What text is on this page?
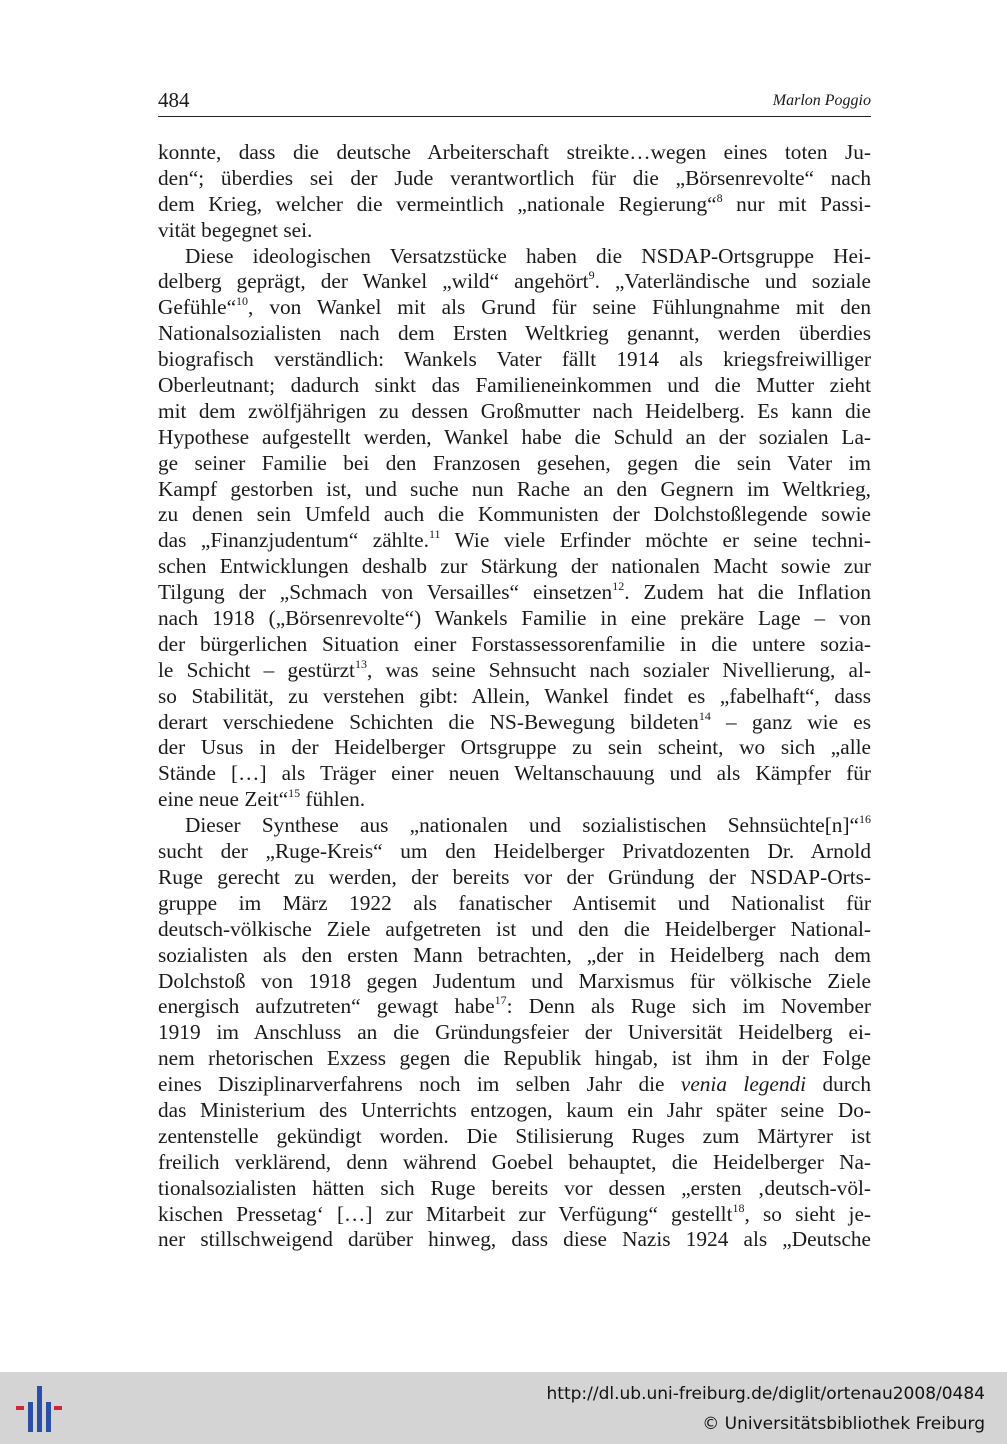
484	Marlon Poggio
konnte, dass die deutsche Arbeiterschaft streikte…wegen eines toten Ju-
den“; überdies sei der Jude verantwortlich für die „Börsenrevolte“ nach
dem Krieg, welcher die vermeintlich „nationale Regierung“$^8$ nur mit Passi-
vität begegnet sei.
Diese ideologischen Versatzstücke haben die NSDAP-Ortsgruppe Hei-
delberg geprägt, der Wankel „wild“ angehört$^9$. „Vaterländische und soziale
Gefühle“$^{10}$, von Wankel mit als Grund für seine Fühlungnahme mit den
Nationalsozialisten nach dem Ersten Weltkrieg genannt, werden überdies
biografisch verständlich: Wankels Vater fällt 1914 als kriegsfreiwilliger
Oberleutnant; dadurch sinkt das Familieneinkommen und die Mutter zieht
mit dem zwölfjährigen zu dessen Großmutter nach Heidelberg. Es kann die
Hypothese aufgestellt werden, Wankel habe die Schuld an der sozialen La-
ge seiner Familie bei den Franzosen gesehen, gegen die sein Vater im
Kampf gestorben ist, und suche nun Rache an den Gegnern im Weltkrieg,
zu denen sein Umfeld auch die Kommunisten der Dolchstoßlegende sowie
das „Finanzjudentum“ zählte.$^{11}$ Wie viele Erfinder möchte er seine techni-
schen Entwicklungen deshalb zur Stärkung der nationalen Macht sowie zur
Tilgung der „Schmach von Versailles“ einsetzen$^{12}$. Zudem hat die Inflation
nach 1918 („Börsenrevolte“) Wankels Familie in eine prekäre Lage – von
der bürgerlichen Situation einer Forstassessorenfamilie in die untere sozia-
le Schicht – gestürzt$^{13}$, was seine Sehnsucht nach sozialer Nivellierung, al-
so Stabilität, zu verstehen gibt: Allein, Wankel findet es „fabelhaft“, dass
derart verschiedene Schichten die NS-Bewegung bildeten$^{14}$ – ganz wie es
der Usus in der Heidelberger Ortsgruppe zu sein scheint, wo sich „alle
Stände […] als Träger einer neuen Weltanschauung und als Kämpfer für
eine neue Zeit“$^{15}$ fühlen.
Dieser Synthese aus „nationalen und sozialistischen Sehnsüchte[n]“$^{16}$
sucht der „Ruge-Kreis“ um den Heidelberger Privatdozenten Dr. Arnold
Ruge gerecht zu werden, der bereits vor der Gründung der NSDAP-Orts-
gruppe im März 1922 als fanatischer Antisemit und Nationalist für
deutsch-völkische Ziele aufgetreten ist und den die Heidelberger National-
sozialisten als den ersten Mann betrachten, „der in Heidelberg nach dem
Dolchstoß von 1918 gegen Judentum und Marxismus für völkische Ziele
energisch aufzutreten“ gewagt habe$^{17}$: Denn als Ruge sich im November
1919 im Anschluss an die Gründungsfeier der Universität Heidelberg ei-
nem rhetorischen Exzess gegen die Republik hingab, ist ihm in der Folge
eines Disziplinarverfahrens noch im selben Jahr die venia legendi durch
das Ministerium des Unterrichts entzogen, kaum ein Jahr später seine Do-
zentenstelle gekündigt worden. Die Stilisierung Ruges zum Märtyrer ist
freilich verklärend, denn während Goebel behauptet, die Heidelberger Na-
tionalsozialisten hätten sich Ruge bereits vor dessen „ersten ‚deutsch-völ-
kischen Pressetag‘ […] zur Mitarbeit zur Verfügung“ gestellt$^{18}$, so sieht je-
ner stillschweigend darüber hinweg, dass diese Nazis 1924 als „Deutsche
http://dl.ub.uni-freiburg.de/diglit/ortenau2008/0484
© Universitätsbibliothek Freiburg
